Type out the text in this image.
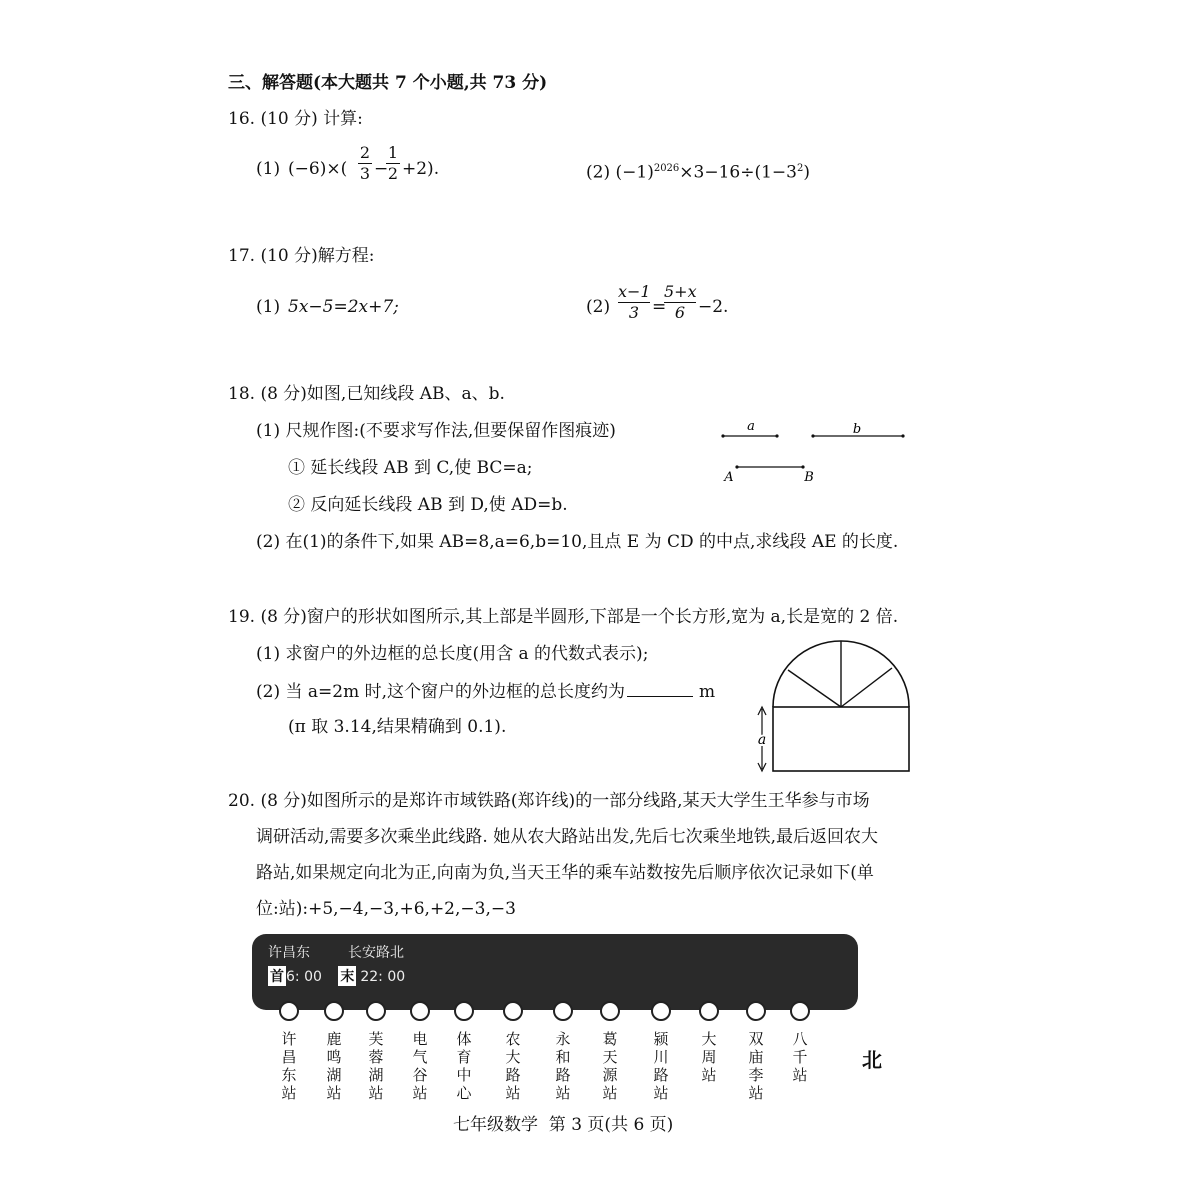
三、解答题(本大题共 7 个小题,共 73 分)
16. (10 分) 计算:
(1) (−6)×(
2
3 −
1
2 +2).	(2) $(-1)^{2026}\times 3-16\div(1-3^2)$
17. (10 分)解方程:
(1) 5x−5=2x+7;	(2)
x−1
3 =
5+x
6 −2.
18. (8 分)如图,已知线段 AB、a、b.
(1) 尺规作图:(不要求写作法,但要保留作图痕迹)
① 延长线段 AB 到 C,使 BC=a;
② 反向延长线段 AB 到 D,使 AD=b.
(2) 在(1)的条件下,如果 AB=8,a=6,b=10,且点 E 为 CD 的中点,求线段 AE 的长度.
a	b
A	B
19. (8 分)窗户的形状如图所示,其上部是半圆形,下部是一个长方形,宽为 a,长是宽的 2 倍.
(1) 求窗户的外边框的总长度(用含 a 的代数式表示);
(2) 当 a=2m 时,这个窗户的外边框的总长度约为	m
(π 取 3.14,结果精确到 0.1).
a
20. (8 分)如图所示的是郑许市域铁路(郑许线)的一部分线路,某天大学生王华参与市场
调研活动,需要多次乘坐此线路. 她从农大路站出发,先后七次乘坐地铁,最后返回农大
路站,如果规定向北为正,向南为负,当天王华的乘车站数按先后顺序依次记录如下(单
位:站):+5,−4,−3,+6,+2,−3,−3
许昌东	长安路北
首 6: 00 末 22: 00
许昌东站
鹿鸣湖站
芙蓉湖站
电气谷站
体育中心
农大路站
永和路站
葛天源站
颍川路站
大周站
双庙李站
八千站
北
七年级数学  第 3 页(共 6 页)
